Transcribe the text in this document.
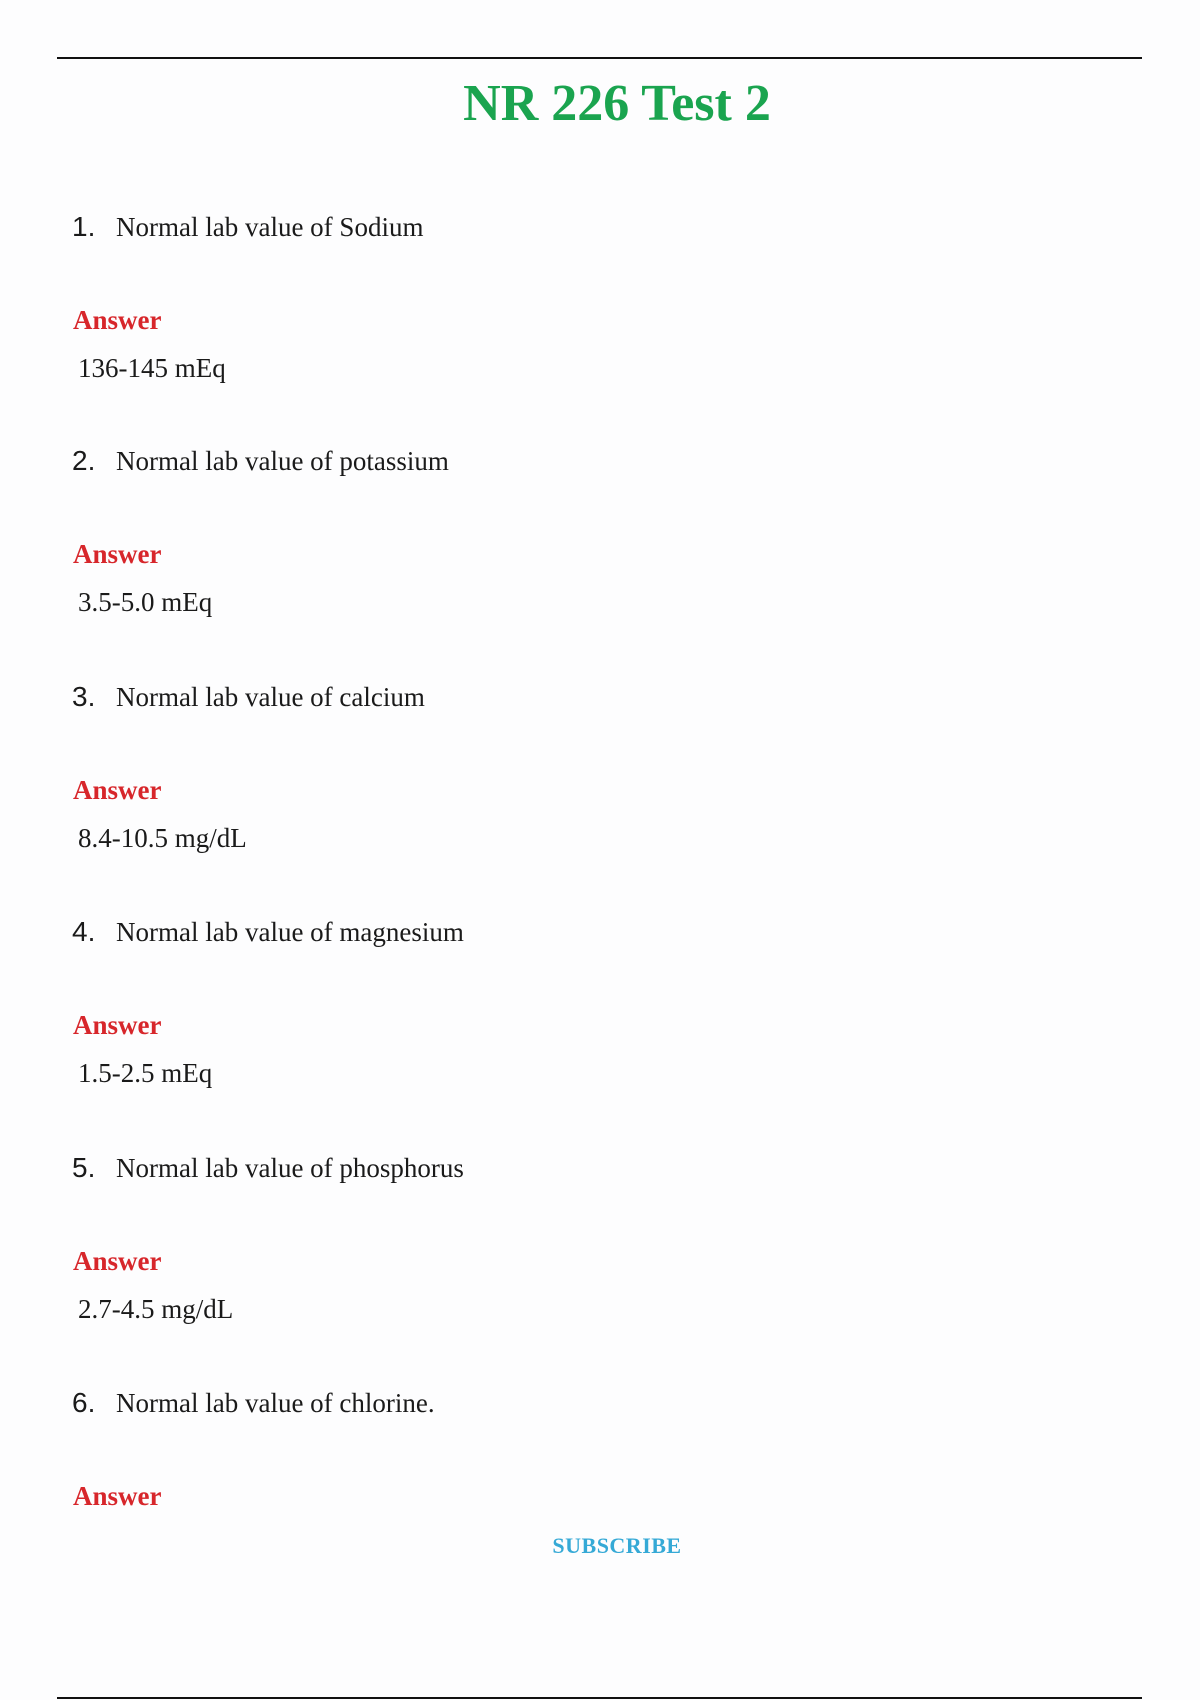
NR 226 Test 2
1. Normal lab value of Sodium
Answer
136-145 mEq
2. Normal lab value of potassium
Answer
3.5-5.0 mEq
3. Normal lab value of calcium
Answer
8.4-10.5 mg/dL
4. Normal lab value of magnesium
Answer
1.5-2.5 mEq
5. Normal lab value of phosphorus
Answer
2.7-4.5 mg/dL
6. Normal lab value of chlorine.
Answer
SUBSCRIBE
